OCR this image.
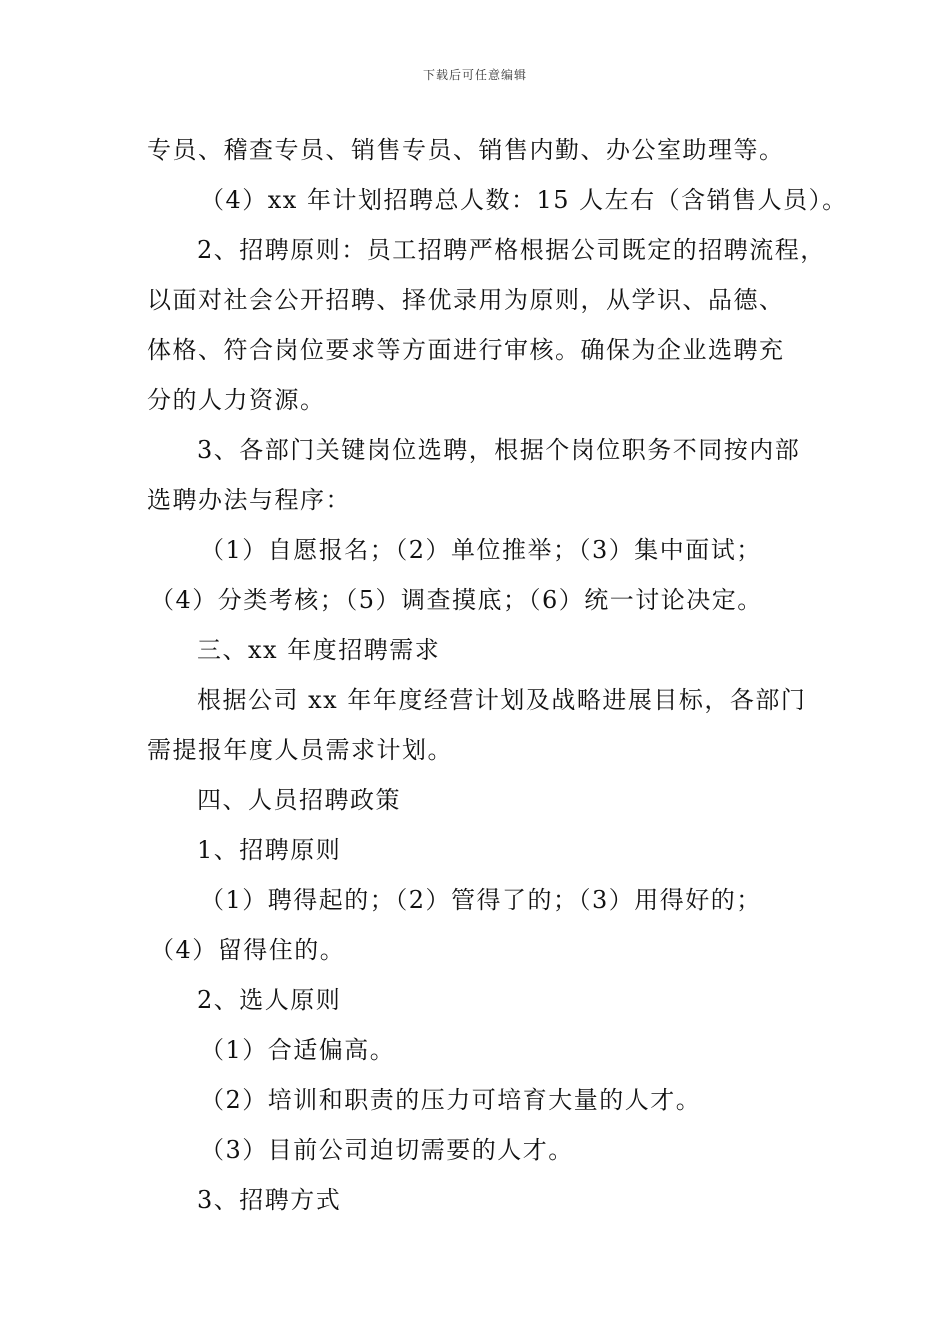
下载后可任意编辑
专员、稽查专员、销售专员、销售内勤、办公室助理等。
（4）xx 年计划招聘总人数：15 人左右（含销售人员）。
2、招聘原则：员工招聘严格根据公司既定的招聘流程，
以面对社会公开招聘、择优录用为原则，从学识、品德、
体格、符合岗位要求等方面进行审核。确保为企业选聘充
分的人力资源。
3、各部门关键岗位选聘，根据个岗位职务不同按内部
选聘办法与程序：
（1）自愿报名；（2）单位推举；（3）集中面试；
（4）分类考核；（5）调查摸底；（6）统一讨论决定。
三、xx 年度招聘需求
根据公司 xx 年年度经营计划及战略进展目标，各部门
需提报年度人员需求计划。
四、人员招聘政策
1、招聘原则
（1）聘得起的；（2）管得了的；（3）用得好的；
（4）留得住的。
2、选人原则
（1）合适偏高。
（2）培训和职责的压力可培育大量的人才。
（3）目前公司迫切需要的人才。
3、招聘方式
